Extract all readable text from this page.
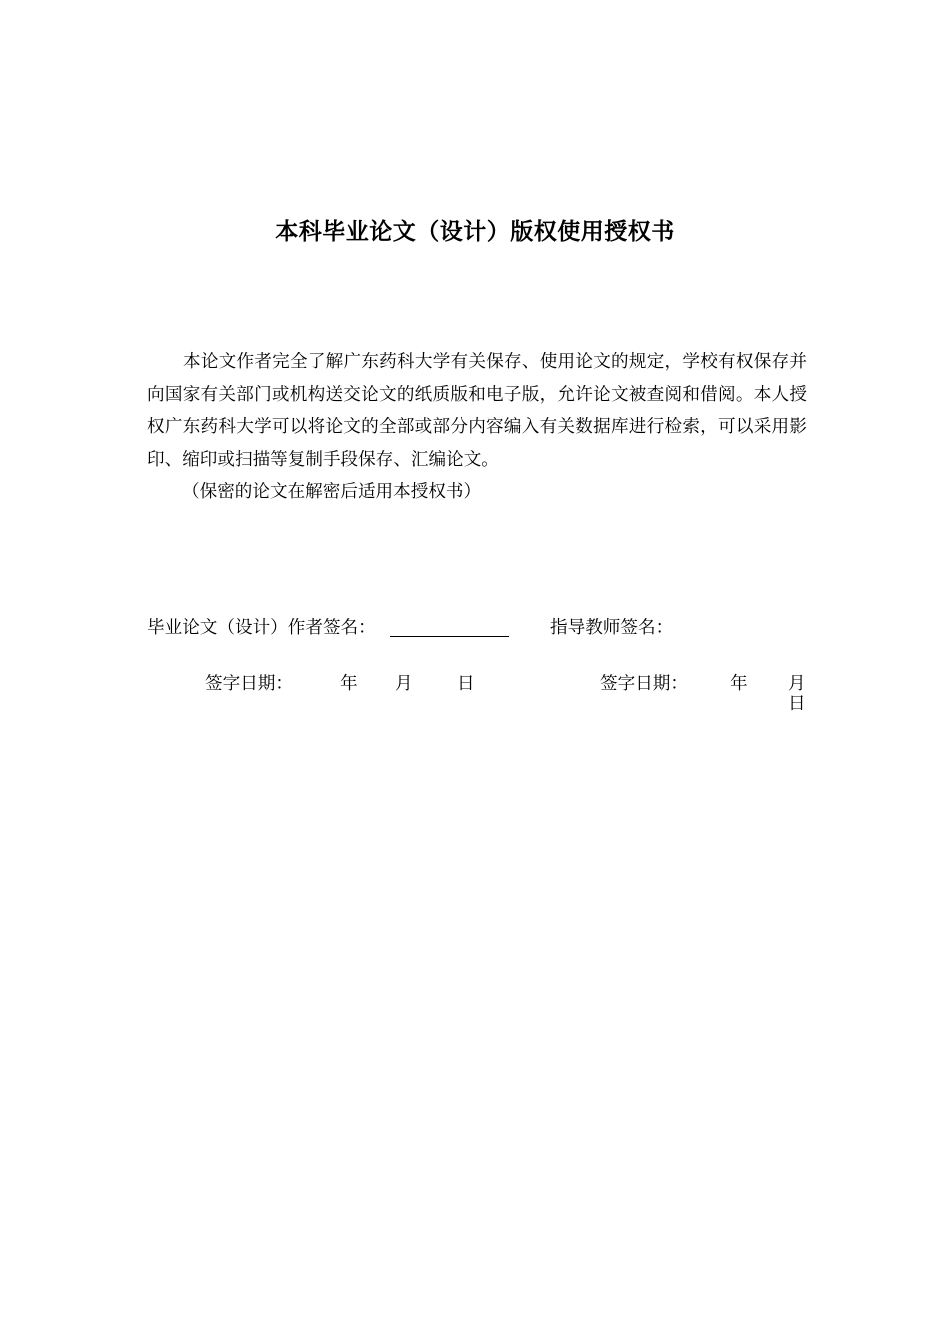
本科毕业论文（设计）版权使用授权书

本论文作者完全了解广东药科大学有关保存、使用论文的规定，学校有权保存并向国家有关部门或机构送交论文的纸质版和电子版，允许论文被查阅和借阅。本人授权广东药科大学可以将论文的全部或部分内容编入有关数据库进行检索，可以采用影印、缩印或扫描等复制手段保存、汇编论文。

（保密的论文在解密后适用本授权书）
毕业论文（设计）作者签名：	指导教师签名：
签字日期：	年 月	日	签字日期： 年 月
日
